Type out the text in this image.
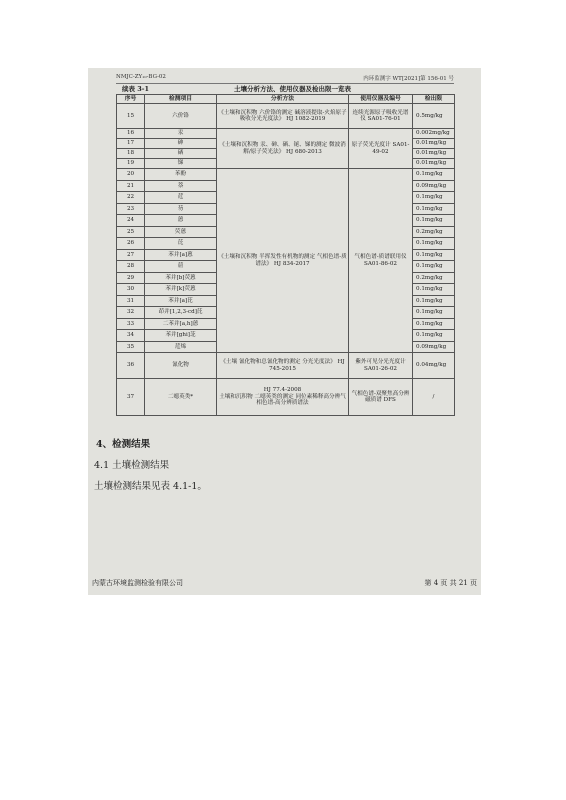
NMJC-ZY₁₀-BG-02	内环监测字 WT[2021]第 156-01 号
续表 3-1	土壤分析方法、使用仪器及检出限一览表
序号	检测项目	分析方法	使用仪器及编号	检出限
15	六价铬	《土壤和沉积物 六价铬的测定 碱溶液提取-火焰原子吸收分光光度法》 HJ 1082-2019	连续光源原子吸收光谱仪 SA01-76-01	0.5mg/kg
16	汞	《土壤和沉积物 汞、砷、硒、铋、锑的测定 微波消解/原子荧光法》 HJ 680-2013	原子荧光光度计 SA01-49-02	0.002mg/kg
17	砷			0.01mg/kg
18	硒			0.01mg/kg
19	锑			0.01mg/kg
20	苯酚	《土壤和沉积物 半挥发性有机物的测定 气相色谱-质谱法》 HJ 834-2017	气相色谱-质谱联用仪 SA01-86-02	0.1mg/kg
21	萘			0.09mg/kg
22	苊			0.1mg/kg
23	芴			0.1mg/kg
24	蒽			0.1mg/kg
25	荧蒽			0.2mg/kg
26	芘			0.1mg/kg
27	苯并[a]蒽			0.1mg/kg
28	䓛			0.1mg/kg
29	苯并[b]荧蒽			0.2mg/kg
30	苯并[k]荧蒽			0.1mg/kg
31	苯并[a]芘			0.1mg/kg
32	茚并[1,2,3-cd]芘			0.1mg/kg
33	二苯并[a,h]蒽			0.1mg/kg
34	苯并[ghi]苝			0.1mg/kg
35	苊烯			0.09mg/kg
36	氰化物	《土壤 氰化物和总氰化物的测定 分光光度法》 HJ 745-2015	紫外可见分光光度计 SA01-26-02	0.04mg/kg
37	二噁英类*	HJ 77.4-2008
土壤和沉积物 二噁英类的测定 同位素稀释高分辨气相色谱-高分辨质谱法	气相色谱-双聚焦高分辨磁质谱 DFS	/
4、检测结果
4.1 土壤检测结果
土壤检测结果见表 4.1-1。
内蒙古环境监测检验有限公司	第 4 页 共 21 页
